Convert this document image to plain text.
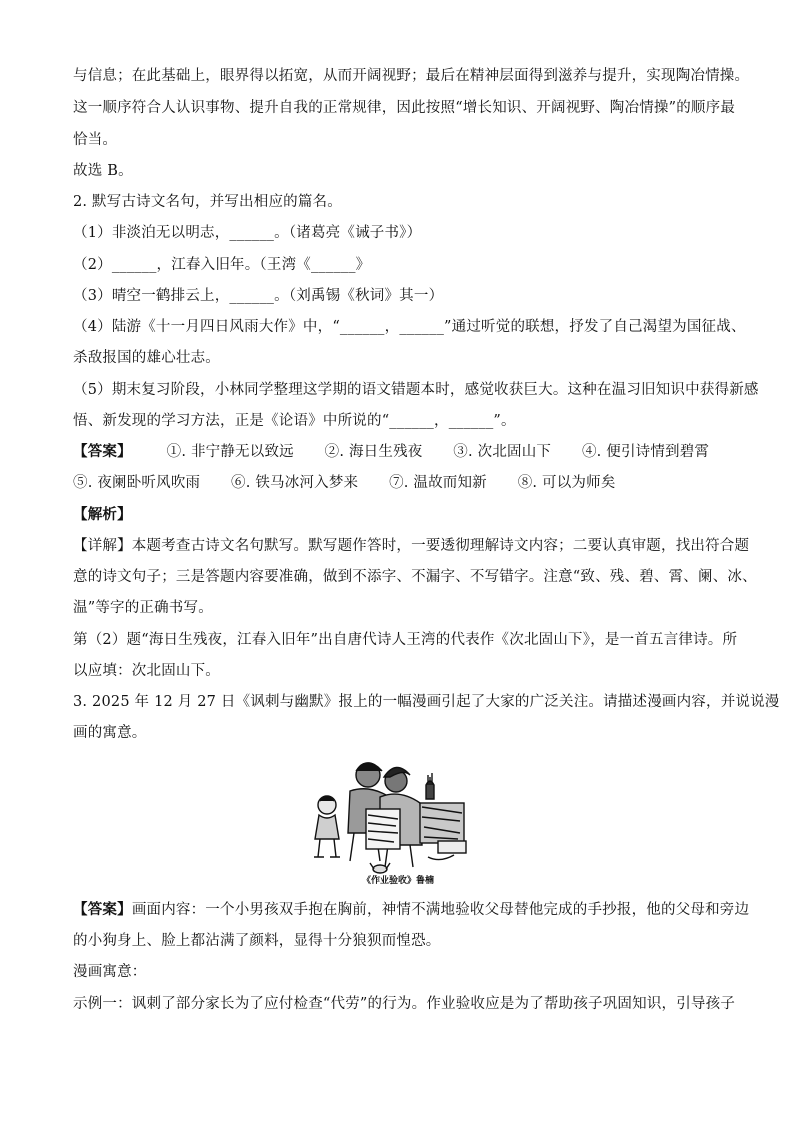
与信息；在此基础上，眼界得以拓宽，从而开阔视野；最后在精神层面得到滋养与提升，实现陶冶情操。
这一顺序符合人认识事物、提升自我的正常规律，因此按照“增长知识、开阔视野、陶冶情操”的顺序最
恰当。
故选 B。
2. 默写古诗文名句，并写出相应的篇名。
（1）非淡泊无以明志，______。（诸葛亮《诫子书》）
（2）______，江春入旧年。（王湾《______》
（3）晴空一鹤排云上，______。（刘禹锡《秋词》其一）
（4）陆游《十一月四日风雨大作》中，“______，______”通过听觉的联想，抒发了自己渴望为国征战、
杀敌报国的雄心壮志。
（5）期末复习阶段，小林同学整理这学期的语文错题本时，感觉收获巨大。这种在温习旧知识中获得新感
悟、新发现的学习方法，正是《论语》中所说的“______，______”。
【答案】 ①. 非宁静无以致远 ②. 海日生残夜 ③. 次北固山下 ④. 便引诗情到碧霄
⑤. 夜阑卧听风吹雨 ⑥. 铁马冰河入梦来 ⑦. 温故而知新 ⑧. 可以为师矣
【解析】
【详解】本题考查古诗文名句默写。默写题作答时，一要透彻理解诗文内容；二要认真审题，找出符合题
意的诗文句子；三是答题内容要准确，做到不添字、不漏字、不写错字。注意“致、残、碧、霄、阑、冰、
温”等字的正确书写。
第（2）题“海日生残夜，江春入旧年”出自唐代诗人王湾的代表作《次北固山下》，是一首五言律诗。所
以应填：次北固山下。
3. 2025 年 12 月 27 日《讽刺与幽默》报上的一幅漫画引起了大家的广泛关注。请描述漫画内容，并说说漫
画的寓意。
《作业验收》鲁楠
【答案】画面内容：一个小男孩双手抱在胸前，神情不满地验收父母替他完成的手抄报，他的父母和旁边
的小狗身上、脸上都沾满了颜料，显得十分狼狈而惶恐。
漫画寓意：
示例一：讽刺了部分家长为了应付检查“代劳”的行为。作业验收应是为了帮助孩子巩固知识，引导孩子
